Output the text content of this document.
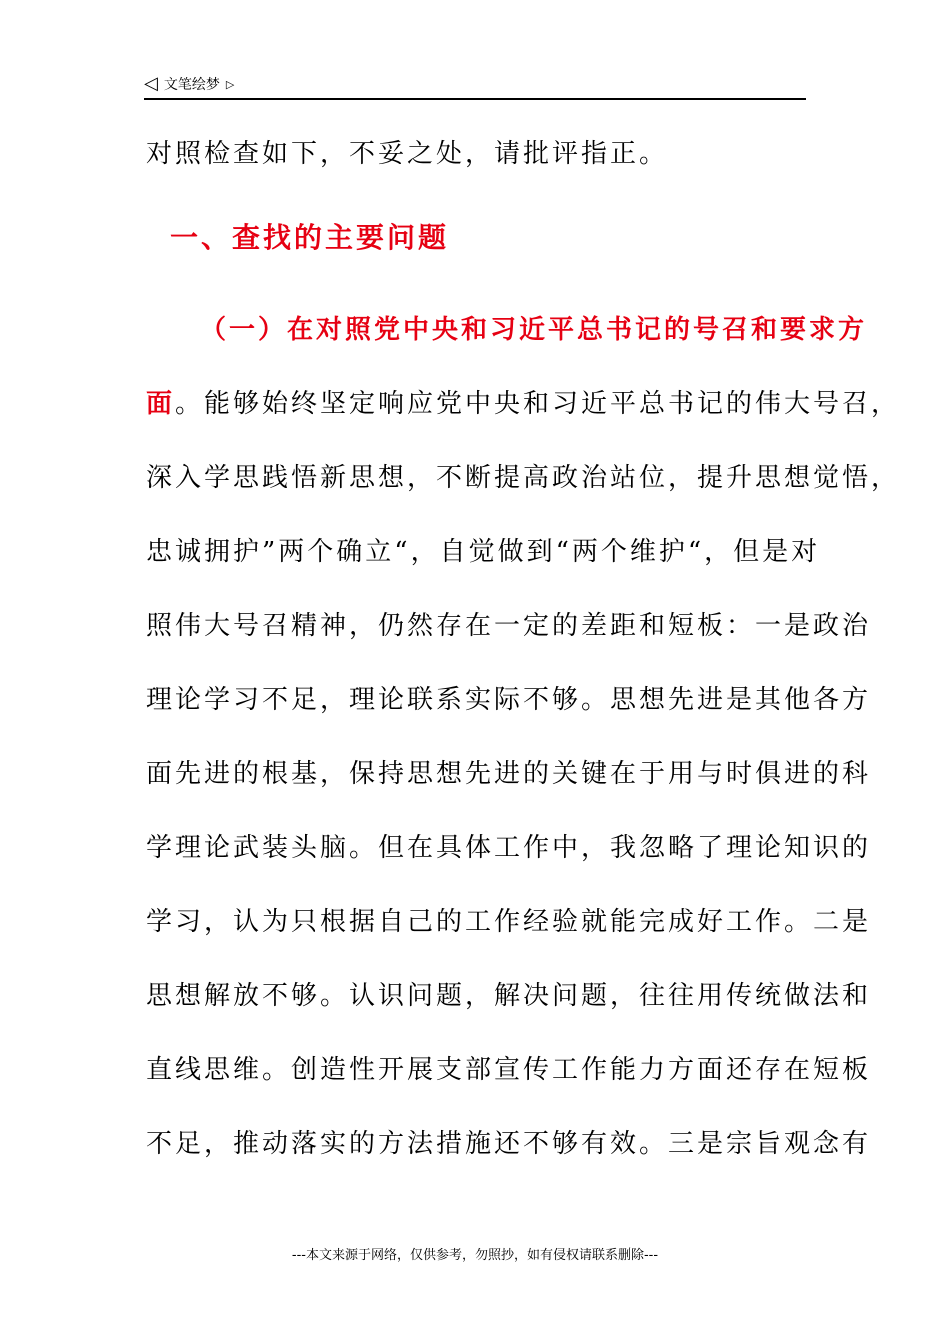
◁ 文笔绘梦 ▷
对照检查如下，不妥之处，请批评指正。
一、查找的主要问题
（一）在对照党中央和习近平总书记的号召和要求方
面。能够始终坚定响应党中央和习近平总书记的伟大号召，
深入学思践悟新思想，不断提高政治站位，提升思想觉悟，
忠诚拥护”两个确立“，自觉做到“两个维护“，但是对
照伟大号召精神，仍然存在一定的差距和短板：一是政治
理论学习不足，理论联系实际不够。思想先进是其他各方
面先进的根基，保持思想先进的关键在于用与时俱进的科
学理论武装头脑。但在具体工作中，我忽略了理论知识的
学习，认为只根据自己的工作经验就能完成好工作。二是
思想解放不够。认识问题，解决问题，往往用传统做法和
直线思维。创造性开展支部宣传工作能力方面还存在短板
不足，推动落实的方法措施还不够有效。三是宗旨观念有
---本文来源于网络，仅供参考，勿照抄，如有侵权请联系删除---
